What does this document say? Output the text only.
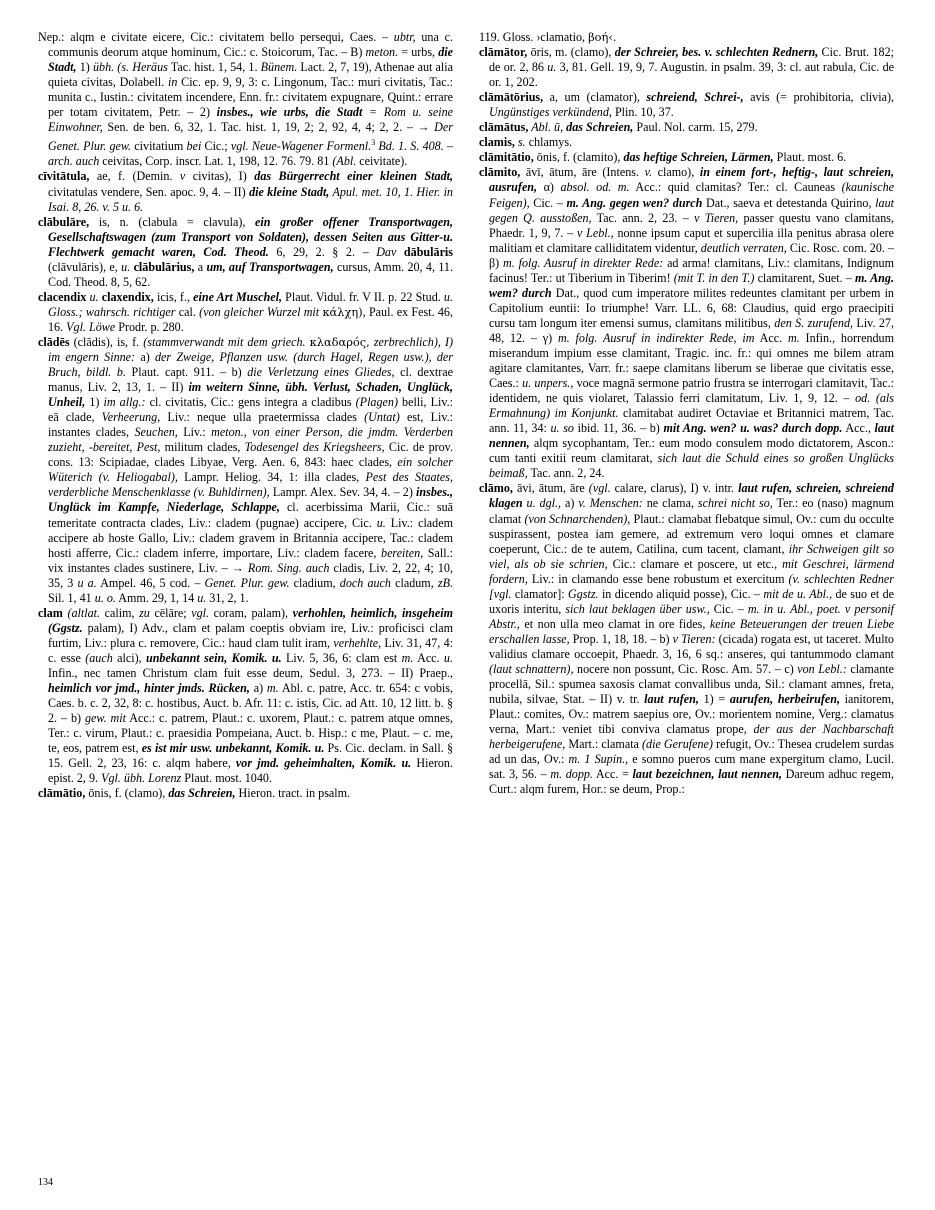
Nep.: alqm e civitate eicere, Cic.: civitatem bello persequi, Caes. – ubtr, una c. communis deorum atque hominum, Cic.: c. Stoicorum, Tac. – B) meton. = urbs, die Stadt, 1) übh. (s. Heräus Tac. hist. 1, 54, 1. Bünem. Lact. 2, 7, 19), Athenae aut alia quieta civitas, Dolabell. in Cic. ep. 9, 9, 3: c. Lingonum, Tac.: muri civitatis, Tac.: munita c., Iustin.: civitatem incendere, Enn. fr.: civitatem expugnare, Quint.: errare per totam civitatem, Petr. – 2) insbes., wie urbs, die Stadt = Rom u. seine Einwohner, Sen. de ben. 6, 32, 1. Tac. hist. 1, 19, 2; 2, 92, 4, 4; 2, 2. – → Der Genet. Plur. gew. civitatium bei Cic.; vgl. Neue-Wagener Formenl.$^3$ Bd. 1. S. 408. – arch. auch ceivitas, Corp. inscr. Lat. 1, 198, 12. 76. 79. 81 (Abl. ceivitate).

cīvitātula, ae, f. (Demin. v civitas), I) das Bürgerrecht einer kleinen Stadt, civitatulas vendere, Sen. apoc. 9, 4. – II) die kleine Stadt, Apul. met. 10, 1. Hier. in Isai. 8, 26. v. 5 u. 6.

clābulāre, is, n. (clabula = clavula), ein großer offener Transportwagen, Gesellschaftswagen (zum Transport von Soldaten), dessen Seiten aus Gitter-u. Flechtwerk gemacht waren, Cod. Theod. 6, 29, 2. § 2. – Dav dābulāris (clāvulāris), e, u. clābulārius, a um, auf Transportwagen, cursus, Amm. 20, 4, 11. Cod. Theod. 8, 5, 62.

clacendix u. claxendix, icis, f., eine Art Muschel, Plaut. Vidul. fr. V II. p. 22 Stud. u. Gloss.; wahrsch. richtiger cal. (von gleicher Wurzel mit κάλχη), Paul. ex Fest. 46, 16. Vgl. Löwe Prodr. p. 280.

clādēs (clādis), is, f. (stammverwandt mit dem griech. κλαδαρός, zerbrechlich), I) im engern Sinne: a) der Zweige, Pflanzen usw. (durch Hagel, Regen usw.), der Bruch, bildl. b. Plaut. capt. 911. – b) die Verletzung eines Gliedes, cl. dextrae manus, Liv. 2, 13, 1. – II) im weitern Sinne, übh. Verlust, Schaden, Unglück, Unheil, 1) im allg.: cl. civitatis, Cic.: gens integra a cladibus (Plagen) belli, Liv.: eā clade, Verheerung, Liv.: neque ulla praetermissa clades (Untat) est, Liv.: instantes clades, Seuchen, Liv.: meton., von einer Person, die jmdm. Verderben zuzieht, -bereitet, Pest, militum clades, Todesengel des Kriegsheers, Cic. de prov. cons. 13: Scipiadae, clades Libyae, Verg. Aen. 6, 843: haec clades, ein solcher Wüterich (v. Heliogabal), Lampr. Heliog. 34, 1: illa clades, Pest des Staates, verderbliche Menschenklasse (v. Buhldirnen), Lampr. Alex. Sev. 34, 4. – 2) insbes., Unglück im Kampfe, Niederlage, Schlappe, cl. acerbissima Marii, Cic.: suā temeritate contracta clades, Liv.: cladem (pugnae) accipere, Cic. u. Liv.: cladem accipere ab hoste Gallo, Liv.: cladem gravem in Britannia accipere, Tac.: cladem hosti afferre, Cic.: cladem inferre, importare, Liv.: cladem facere, bereiten, Sall.: vix instantes clades sustinere, Liv. – → Rom. Sing. auch cladis, Liv. 2, 22, 4; 10, 35, 3 u a. Ampel. 46, 5 cod. – Genet. Plur. gew. cladium, doch auch cladum, zB. Sil. 1, 41 u. o. Amm. 29, 1, 14 u. 31, 2, 1.

clam (altlat. calim, zu cēlāre; vgl. coram, palam), verhohlen, heimlich, insgeheim (Ggstz. palam), I) Adv., clam et palam coeptis obviam ire, Liv.: proficisci clam furtim, Liv.: plura c. removere, Cic.: haud clam tulit iram, verhehlte, Liv. 31, 47, 4: c. esse (auch alci), unbekannt sein, Komik. u. Liv. 5, 36, 6: clam est m. Acc. u. Infin., nec tamen Christum clam fuit esse deum, Sedul. 3, 273. – II) Praep., heimlich vor jmd., hinter jmds. Rücken, a) m. Abl. c. patre, Acc. tr. 654: c vobis, Caes. b. c. 2, 32, 8: c. hostibus, Auct. b. Afr. 11: c. istis, Cic. ad Att. 10, 12 litt. b. § 2. – b) gew. mit Acc.: c. patrem, Plaut.: c. uxorem, Plaut.: c. patrem atque omnes, Ter.: c. virum, Plaut.: c. praesidia Pompeiana, Auct. b. Hisp.: c me, Plaut. – c. me, te, eos, patrem est, es ist mir usw. unbekannt, Komik. u. Ps. Cic. declam. in Sall. § 15. Gell. 2, 23, 16: c. alqm habere, vor jmd. geheimhalten, Komik. u. Hieron. epist. 2, 9. Vgl. übh. Lorenz Plaut. most. 1040.

clāmātio, ōnis, f. (clamo), das Schreien, Hieron. tract. in psalm.

119. Gloss. ›clamatio, βοή‹.

clāmātor, ōris, m. (clamo), der Schreier, bes. v. schlechten Rednern, Cic. Brut. 182; de or. 2, 86 u. 3, 81. Gell. 19, 9, 7. Augustin. in psalm. 39, 3: cl. aut rabula, Cic. de or. 1, 202.

clāmātōrius, a, um (clamator), schreiend, Schrei-, avis (= prohibitoria, clivia), Ungünstiges verkündend, Plin. 10, 37.

clāmātus, Abl. ū, das Schreien, Paul. Nol. carm. 15, 279.

clamis, s. chlamys.

clāmitātio, ōnis, f. (clamito), das heftige Schreien, Lärmen, Plaut. most. 6.

clāmito, āvī, ātum, āre (Intens. v. clamo), in einem fort-, heftig-, laut schreien, ausrufen, α) absol. od. m. Acc.: quid clamitas? Ter.: cl. Cauneas (kaunische Feigen), Cic. – m. Ang. gegen wen? durch Dat., saeva et detestanda Quirino, laut gegen Q. ausstoßen, Tac. ann. 2, 23. – v Tieren, passer questu vano clamitans, Phaedr. 1, 9, 7. – v Lebl., nonne ipsum caput et superciliа illa penitus abrasa olere malitiam et clamitare calliditatem videntur, deutlich verraten, Cic. Rosc. com. 20. – β) m. folg. Ausruf in direkter Rede: ad arma! clamitans, Liv.: clamitans, Indignum facinus! Ter.: ut Tiberium in Tiberim! (mit T. in den T.) clamitarent, Suet. – m. Ang. wem? durch Dat., quod cum imperatore milites redeuntes clamitant per urbem in Capitolium euntii: Io triumphe! Varr. LL. 6, 68: Claudius, quid ergo praecipiti cursu tam longum iter emensi sumus, clamitans militibus, den S. zurufend, Liv. 27, 48, 12. – γ) m. folg. Ausruf in indirekter Rede, im Acc. m. Infin., horrendum miserandum impium esse clamitant, Tragic. inc. fr.: qui omnes me bilem atram agitare clamitantes, Varr. fr.: saepe clamitans liberum se liberae que civitatis esse, Caes.: u. unpers., voce magnā sermone patrio frustra se interrogari clamitavit, Tac.: identidem, ne quis violaret, Talassio ferri clamitatum, Liv. 1, 9, 12. – od. (als Ermahnung) im Konjunkt. clamitabat audiret Octaviae et Britannici matrem, Tac. ann. 11, 34: u. so ibid. 11, 36. – b) mit Ang. wen? u. was? durch dopp. Acc., laut nennen, alqm sycophantam, Ter.: eum modo consulem modo dictatorem, Ascon.: cum tanti exitii reum clamitarat, sich laut die Schuld eines so großen Unglücks beimaß, Tac. ann. 2, 24.

clāmo, āvi, ātum, āre (vgl. calare, clarus), I) v. intr. laut rufen, schreien, schreiend klagen u. dgl., a) v. Menschen: ne clama, schrei nicht so, Ter.: eo (naso) magnum clamat (von Schnarchenden), Plaut.: clamabat flebatque simul, Ov.: cum du occulte suspirassent, postea iam gemere, ad extremum vero loqui omnes et clamare coeperunt, Cic.: de te autem, Catilina, cum tacent, clamant, ihr Schweigen gilt so viel, als ob sie schrien, Cic.: clamare et poscere, ut etc., mit Geschrei, lärmend fordern, Liv.: in clamando esse bene robustum et exercitum (v. schlechten Redner [vgl. clamator]: Ggstz. in dicendo aliquid posse), Cic. – mit de u. Abl., de suo et de uxoris interitu, sich laut beklagen über usw., Cic. – m. in u. Abl., poet. v personif Abstr., et non ulla meo clamat in ore fides, keine Beteuerungen der treuen Liebe erschallen lasse, Prop. 1, 18, 18. – b) v Tieren: (cicada) rogata est, ut taceret. Multo validius clamare occoepit, Phaedr. 3, 16, 6 sq.: anseres, qui tantummodo clamant (laut schnattern), nocere non possunt, Cic. Rosc. Am. 57. – c) von Lebl.: clamante procellā, Sil.: spumea saxosis clamat convallibus unda, Sil.: clamant amnes, freta, nubila, silvae, Stat. – II) v. tr. laut rufen, 1) = aurufen, herbeirufen, ianitorem, Plaut.: comites, Ov.: matrem saepius ore, Ov.: morientem nomine, Verg.: clamatus verna, Mart.: veniet tibi conviva clamatus prope, der aus der Nachbarschaft herbeigerufene, Mart.: clamata (die Gerufene) refugit, Ov.: Thesea crudelem surdas ad un das, Ov.: m. 1 Supin., e somno pueros cum mane expergitum clamo, Lucil. sat. 3, 56. – m. dopp. Acc. = laut bezeichnen, laut nennen, Dareum adhuc regem, Curt.: alqm furem, Hor.: se deum, Prop.:

134
